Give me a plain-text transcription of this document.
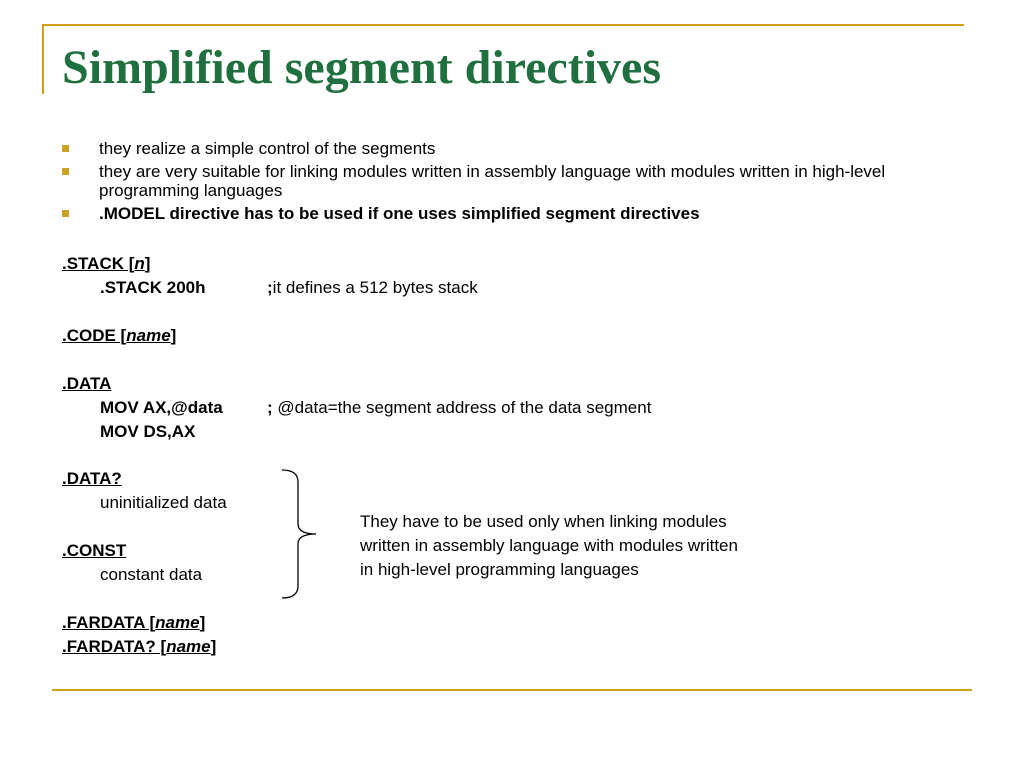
Simplified segment directives
they realize a simple control of the segments
they are very suitable for linking modules written in assembly language with modules written in high-level programming languages
.MODEL directive has to be used if one uses simplified segment directives
.STACK [n]
.STACK 200h	;it defines a 512 bytes stack
.CODE [name]
.DATA
MOV AX,@data	; @data=the segment address of the data segment
MOV DS,AX
.DATA?
uninitialized data
.CONST
constant data
.FARDATA [name]
.FARDATA? [name]
They have to be used only when linking modules
written in assembly language with modules written
in high-level programming languages
